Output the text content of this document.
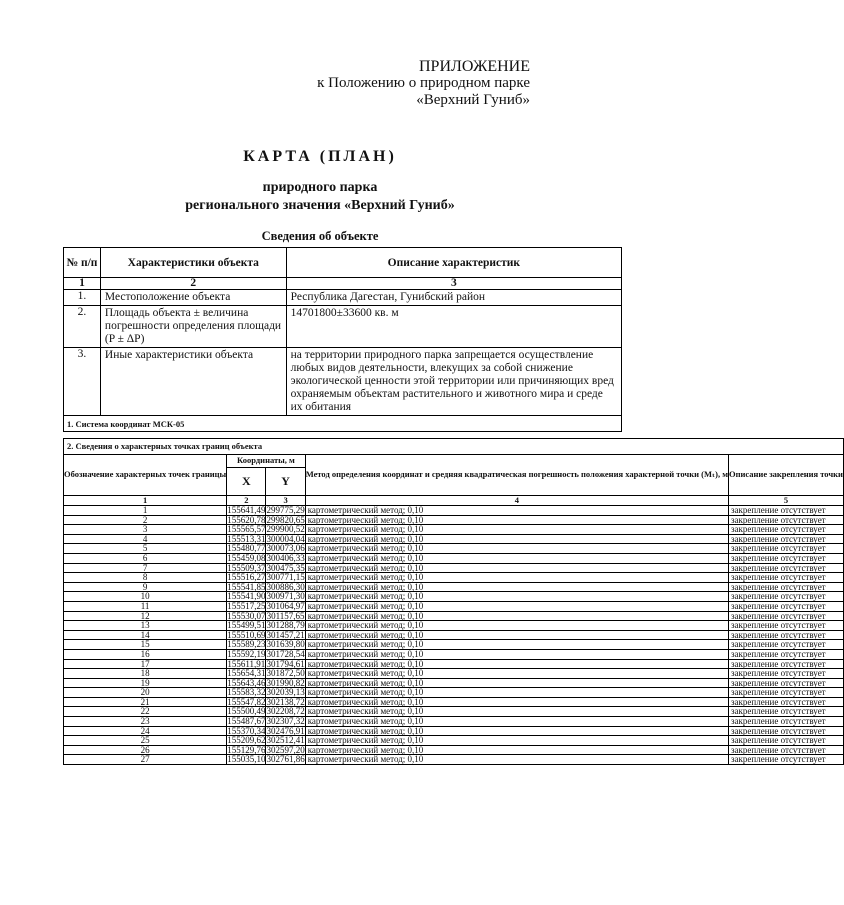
ПРИЛОЖЕНИЕ
к Положению о природном парке
«Верхний Гуниб»
КАРТА (ПЛАН)
природного парка
регионального значения «Верхний Гуниб»
Сведения об объекте
№ п/п	Характеристики объекта	Описание характеристик
1	2	3
1.	Местоположение объекта	Республика Дагестан, Гунибский район
2.	Площадь объекта ± величина погрешности определения площади (P ± ΔP)	14701800±33600 кв. м
3.	Иные характеристики объекта	на территории природного парка запрещается осуществление любых видов деятельности, влекущих за собой снижение экологической ценности этой территории или причиняющих вред охраняемым объектам растительного и животного мира и среде их обитания
1. Система координат МСК-05		
2. Сведения о характерных точках границ объекта				
Обозначение характерных точек границы	Координаты, м		Метод определения координат и средняя квадратическая погрешность положения характерной точки (Mₜ), м	Описание закрепления точки
	X	Y		
1	2	3	4	5
1	155641,49	299775,29	картометрический метод; 0,10	закрепление отсутствует
2	155620,78	299820,65	картометрический метод; 0,10	закрепление отсутствует
3	155565,57	299900,52	картометрический метод; 0,10	закрепление отсутствует
4	155513,31	300004,04	картометрический метод; 0,10	закрепление отсутствует
5	155480,77	300073,06	картометрический метод; 0,10	закрепление отсутствует
6	155459,08	300406,33	картометрический метод; 0,10	закрепление отсутствует
7	155509,37	300475,35	картометрический метод; 0,10	закрепление отсутствует
8	155516,27	300771,15	картометрический метод; 0,10	закрепление отсутствует
9	155541,85	300886,30	картометрический метод; 0,10	закрепление отсутствует
10	155541,90	300971,30	картометрический метод; 0,10	закрепление отсутствует
11	155517,25	301064,97	картометрический метод; 0,10	закрепление отсутствует
12	155530,07	301157,65	картометрический метод; 0,10	закрепление отсутствует
13	155499,51	301288,79	картометрический метод; 0,10	закрепление отсутствует
14	155510,69	301457,21	картометрический метод; 0,10	закрепление отсутствует
15	155589,23	301639,80	картометрический метод; 0,10	закрепление отсутствует
16	155592,19	301728,54	картометрический метод; 0,10	закрепление отсутствует
17	155611,91	301794,61	картометрический метод; 0,10	закрепление отсутствует
18	155654,31	301872,50	картометрический метод; 0,10	закрепление отсутствует
19	155643,46	301990,82	картометрический метод; 0,10	закрепление отсутствует
20	155583,32	302039,13	картометрический метод; 0,10	закрепление отсутствует
21	155547,82	302138,72	картометрический метод; 0,10	закрепление отсутствует
22	155500,49	302208,72	картометрический метод; 0,10	закрепление отсутствует
23	155487,67	302307,32	картометрический метод; 0,10	закрепление отсутствует
24	155370,34	302476,91	картометрический метод; 0,10	закрепление отсутствует
25	155209,62	302512,41	картометрический метод; 0,10	закрепление отсутствует
26	155129,76	302597,20	картометрический метод; 0,10	закрепление отсутствует
27	155035,10	302761,86	картометрический метод; 0,10	закрепление отсутствует
